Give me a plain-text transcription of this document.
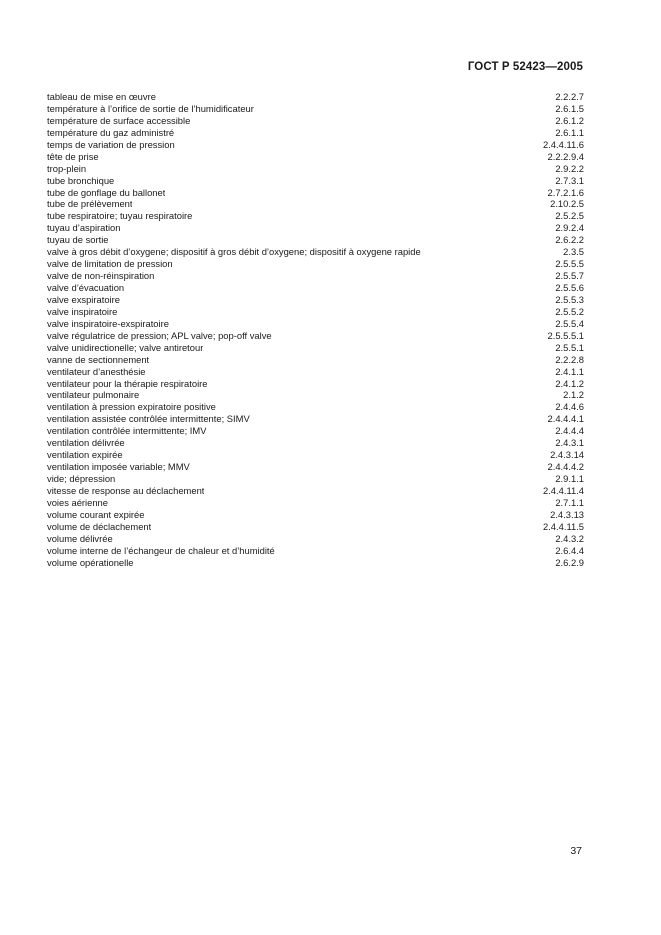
ГОСТ Р 52423—2005
tableau de mise en œuvre	2.2.2.7
température à l’orifice de sortie de l’humidificateur	2.6.1.5
température de surface accessible	2.6.1.2
température du gaz administré	2.6.1.1
temps de variation de pression	2.4.4.11.6
tête de prise	2.2.2.9.4
trop-plein	2.9.2.2
tube bronchique	2.7.3.1
tube de gonflage du ballonet	2.7.2.1.6
tube de prélèvement	2.10.2.5
tube respiratoire; tuyau respiratoire	2.5.2.5
tuyau d’aspiration	2.9.2.4
tuyau de sortie	2.6.2.2
valve à gros débit d’oxygene; dispositif à gros débit d’oxygene; dispositif à oxygene rapide	2.3.5
valve de limitation de pression	2.5.5.5
valve de non-réinspiration	2.5.5.7
valve d’évacuation	2.5.5.6
valve exspiratoire	2.5.5.3
valve inspiratoire	2.5.5.2
valve inspiratoire-exspiratoire	2.5.5.4
valve régulatrice de pression; APL valve; pop-off valve	2.5.5.5.1
valve unidirectionelle; valve antiretour	2.5.5.1
vanne de sectionnement	2.2.2.8
ventilateur d’anesthésie	2.4.1.1
ventilateur pour la thérapie respiratoire	2.4.1.2
ventilateur pulmonaire	2.1.2
ventilation à pression expiratoire positive	2.4.4.6
ventilation assistée contrôlée intermittente; SIMV	2.4.4.4.1
ventilation contrôlée intermittente; IMV	2.4.4.4
ventilation délivrée	2.4.3.1
ventilation expirée	2.4.3.14
ventilation imposée variable; MMV	2.4.4.4.2
vide; dépression	2.9.1.1
vitesse de response au déclachement	2.4.4.11.4
voies aérienne	2.7.1.1
volume courant expirée	2.4.3.13
volume de déclachement	2.4.4.11.5
volume délivrée	2.4.3.2
volume interne de l’échangeur de chaleur et d’humidité	2.6.4.4
volume opérationelle	2.6.2.9
37
